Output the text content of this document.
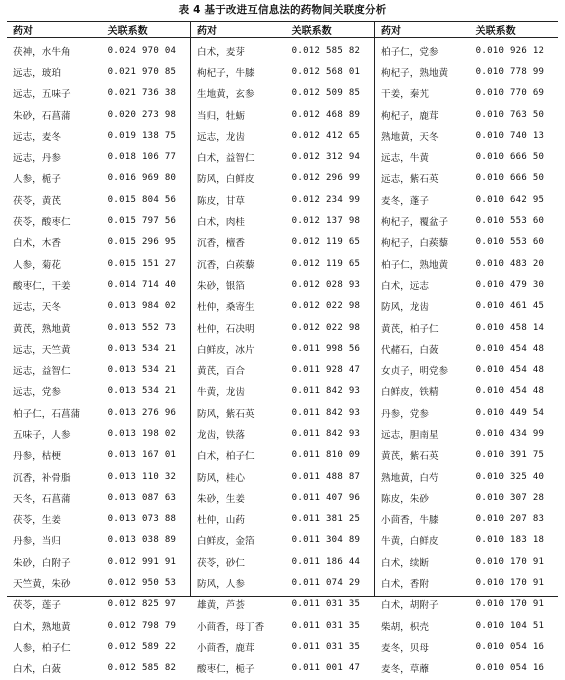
表 4 基于改进互信息法的药物间关联度分析
药对	关联系数
茯神，水牛角	0.024 970 04
远志，玻珀	0.021 970 85
远志，五味子	0.021 736 38
朱砂，石菖蒲	0.020 273 98
远志，麦冬	0.019 138 75
远志，丹参	0.018 106 77
人参，栀子	0.016 969 80
茯苓，黄芪	0.015 804 56
茯苓，酸枣仁	0.015 797 56
白术，木香	0.015 296 95
人参，菊花	0.015 151 27
酸枣仁，干姜	0.014 714 40
远志，天冬	0.013 984 02
黄芪，熟地黄	0.013 552 73
远志，天竺黄	0.013 534 21
远志，益智仁	0.013 534 21
远志，党参	0.013 534 21
柏子仁，石菖蒲	0.013 276 96
五味子，人参	0.013 198 02
丹参，枯梗	0.013 167 01
沉香，补骨脂	0.013 110 32
天冬，石菖蒲	0.013 087 63
茯苓，生姜	0.013 073 88
丹参，当归	0.013 038 89
朱砂，白附子	0.012 991 91
天竺黄，朱砂	0.012 950 53
茯苓，莲子	0.012 825 97
白术，熟地黄	0.012 798 79
人参，柏子仁	0.012 589 22
白术，白蔹	0.012 585 82
药对	关联系数
白术，麦芽	0.012 585 82
枸杞子，牛膝	0.012 568 01
生地黄，玄参	0.012 509 85
当归，牡蛎	0.012 468 89
远志，龙齿	0.012 412 65
白术，益智仁	0.012 312 94
防风，白鲜皮	0.012 296 99
陈皮，甘草	0.012 234 99
白术，肉桂	0.012 137 98
沉香，檀香	0.012 119 65
沉香，白蒺藜	0.012 119 65
朱砂，银箔	0.012 028 93
杜仲，桑寄生	0.012 022 98
杜仲，石决明	0.012 022 98
白鲜皮，冰片	0.011 998 56
黄芪，百合	0.011 928 47
牛黄，龙齿	0.011 842 93
防风，紫石英	0.011 842 93
龙齿，铁落	0.011 842 93
白术，柏子仁	0.011 810 09
防风，桂心	0.011 488 87
朱砂，生姜	0.011 407 96
杜仲，山药	0.011 381 25
白鲜皮，金箔	0.011 304 89
茯苓，砂仁	0.011 186 44
防风，人参	0.011 074 29
雄黄，芦荟	0.011 031 35
小茴香，母丁香	0.011 031 35
小茴香，鹿茸	0.011 031 35
酸枣仁，栀子	0.011 001 47
药对	关联系数
柏子仁，党参	0.010 926 12
枸杞子，熟地黄	0.010 778 99
干姜，秦艽	0.010 770 69
枸杞子，鹿茸	0.010 763 50
熟地黄，天冬	0.010 740 13
远志，牛黄	0.010 666 50
远志，紫石英	0.010 666 50
麦冬，蓬子	0.010 642 95
枸杞子，覆盆子	0.010 553 60
枸杞子，白蒺藜	0.010 553 60
柏子仁，熟地黄	0.010 483 20
白术，远志	0.010 479 30
防风，龙齿	0.010 461 45
黄芪，柏子仁	0.010 458 14
代赭石，白蔹	0.010 454 48
女贞子，明党参	0.010 454 48
白鲜皮，铁精	0.010 454 48
丹参，党参	0.010 449 54
远志，胆南星	0.010 434 99
黄芪，紫石英	0.010 391 75
熟地黄，白芍	0.010 325 40
陈皮，朱砂	0.010 307 28
小茴香，牛膝	0.010 207 83
牛黄，白鲜皮	0.010 183 18
白术，续断	0.010 170 91
白术，香附	0.010 170 91
白术，胡附子	0.010 170 91
柴胡，枳壳	0.010 104 51
麦冬，贝母	0.010 054 16
麦冬，草蘼	0.010 054 16
